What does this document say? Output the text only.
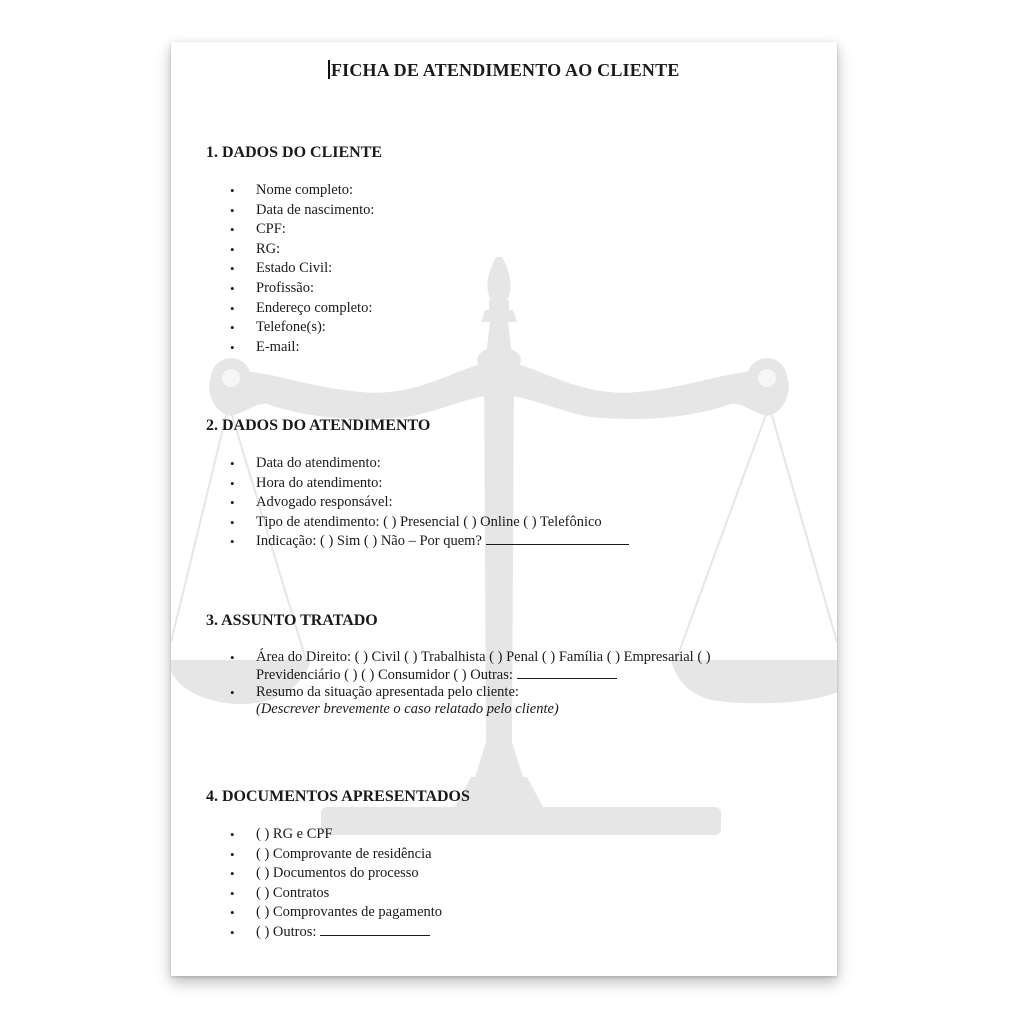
FICHA DE ATENDIMENTO AO CLIENTE
1. DADOS DO CLIENTE
• Nome completo:
• Data de nascimento:
• CPF:
• RG:
• Estado Civil:
• Profissão:
• Endereço completo:
• Telefone(s):
• E-mail:
2. DADOS DO ATENDIMENTO
• Data do atendimento:
• Hora do atendimento:
• Advogado responsável:
• Tipo de atendimento: ( ) Presencial ( ) Online ( ) Telefônico
• Indicação: ( ) Sim ( ) Não – Por quem?
3. ASSUNTO TRATADO
• Área do Direito: ( ) Civil ( ) Trabalhista ( ) Penal ( ) Família ( ) Empresarial ( )
Previdenciário ( ) ( ) Consumidor ( ) Outras:
• Resumo da situação apresentada pelo cliente:
(Descrever brevemente o caso relatado pelo cliente)
4. DOCUMENTOS APRESENTADOS
• ( ) RG e CPF
• ( ) Comprovante de residência
• ( ) Documentos do processo
• ( ) Contratos
• ( ) Comprovantes de pagamento
• ( ) Outros:
